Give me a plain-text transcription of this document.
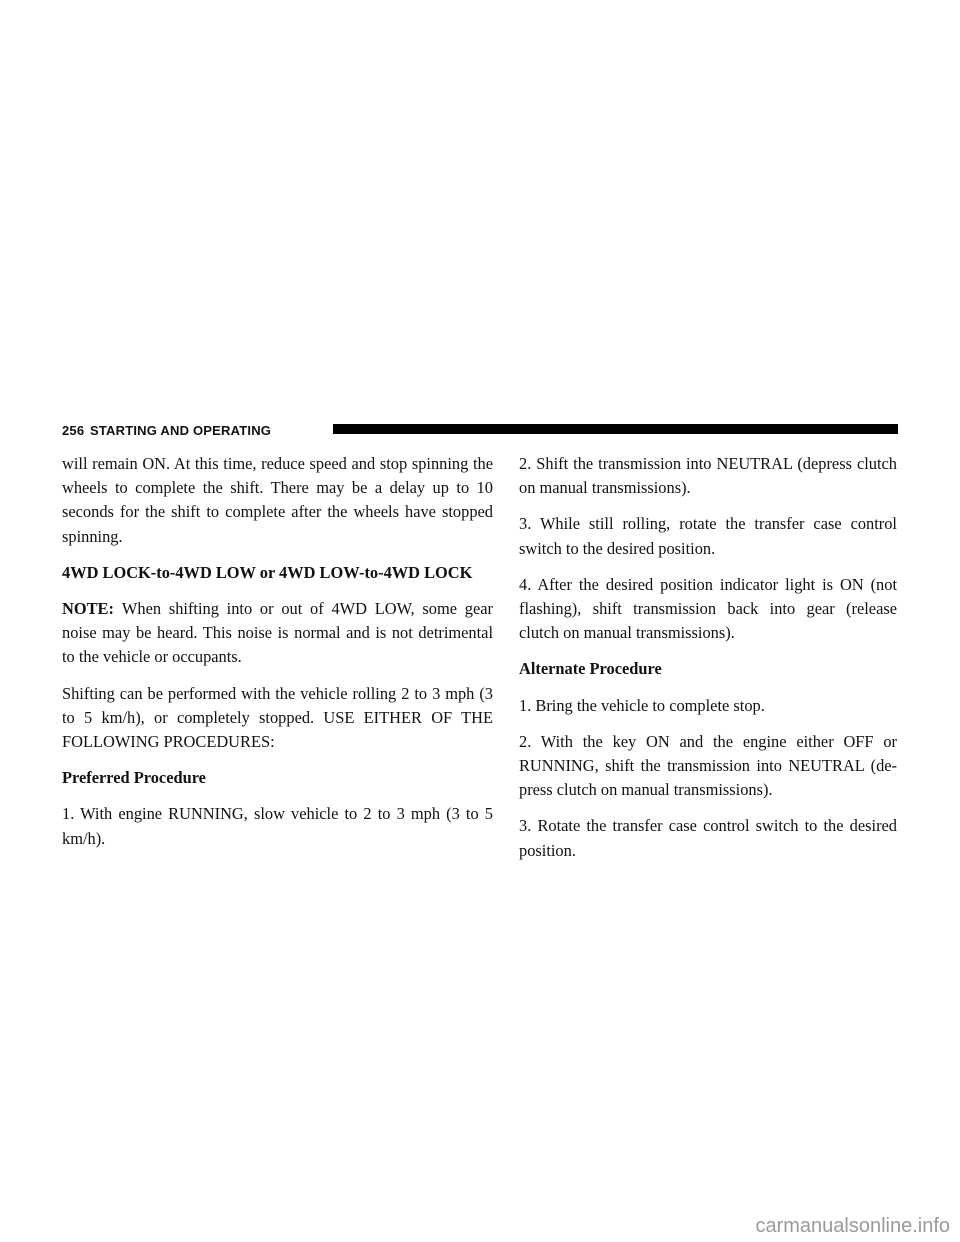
256 STARTING AND OPERATING

will remain ON. At this time, reduce speed and stop spinning the wheels to complete the shift. There may be a delay up to 10 seconds for the shift to complete after the wheels have stopped spinning.

4WD LOCK-to-4WD LOW or 4WD LOW-to-4WD LOCK

NOTE: When shifting into or out of 4WD LOW, some gear noise may be heard. This noise is normal and is not detrimental to the vehicle or occupants.

Shifting can be performed with the vehicle rolling 2 to 3 mph (3 to 5 km/h), or completely stopped. USE EITHER OF THE FOLLOWING PROCEDURES:

Preferred Procedure

1. With engine RUNNING, slow vehicle to 2 to 3 mph (3 to 5 km/h).

2. Shift the transmission into NEUTRAL (depress clutch on manual transmissions).

3. While still rolling, rotate the transfer case control switch to the desired position.

4. After the desired position indicator light is ON (not flashing), shift transmission back into gear (release clutch on manual transmissions).

Alternate Procedure

1. Bring the vehicle to complete stop.

2. With the key ON and the engine either OFF or RUNNING, shift the transmission into NEUTRAL (de-press clutch on manual transmissions).

3. Rotate the transfer case control switch to the desired position.

carmanualsonline.info
